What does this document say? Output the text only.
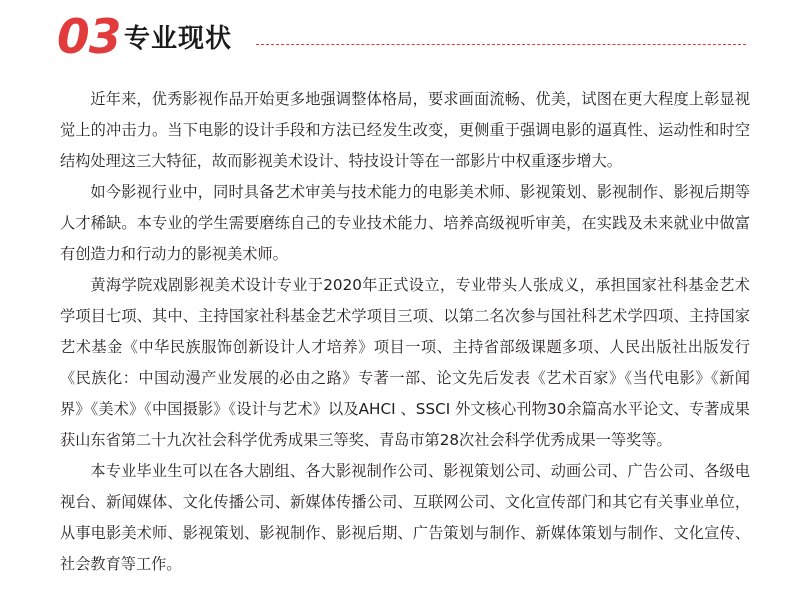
03 专业现状

近年来，优秀影视作品开始更多地强调整体格局，要求画面流畅、优美，试图在更大程度上彰显视觉上的冲击力。当下电影的设计手段和方法已经发生改变，更侧重于强调电影的逼真性、运动性和时空结构处理这三大特征，故而影视美术设计、特技设计等在一部影片中权重逐步增大。

如今影视行业中，同时具备艺术审美与技术能力的电影美术师、影视策划、影视制作、影视后期等人才稀缺。本专业的学生需要磨练自己的专业技术能力、培养高级视听审美，在实践及未来就业中做富有创造力和行动力的影视美术师。

黄海学院戏剧影视美术设计专业于2020年正式设立，专业带头人张成义，承担国家社科基金艺术学项目七项、其中、主持国家社科基金艺术学项目三项、以第二名次参与国社科艺术学四项、主持国家艺术基金《中华民族服饰创新设计人才培养》项目一项、主持省部级课题多项、人民出版社出版发行《民族化：中国动漫产业发展的必由之路》专著一部、论文先后发表《艺术百家》《当代电影》《新闻界》《美术》《中国摄影》《设计与艺术》以及AHCI 、SSCI 外文核心刊物30余篇高水平论文、专著成果获山东省第二十九次社会科学优秀成果三等奖、青岛市第28次社会科学优秀成果一等奖等。

本专业毕业生可以在各大剧组、各大影视制作公司、影视策划公司、动画公司、广告公司、各级电视台、新闻媒体、文化传播公司、新媒体传播公司、互联网公司、文化宣传部门和其它有关事业单位，从事电影美术师、影视策划、影视制作、影视后期、广告策划与制作、新媒体策划与制作、文化宣传、社会教育等工作。
